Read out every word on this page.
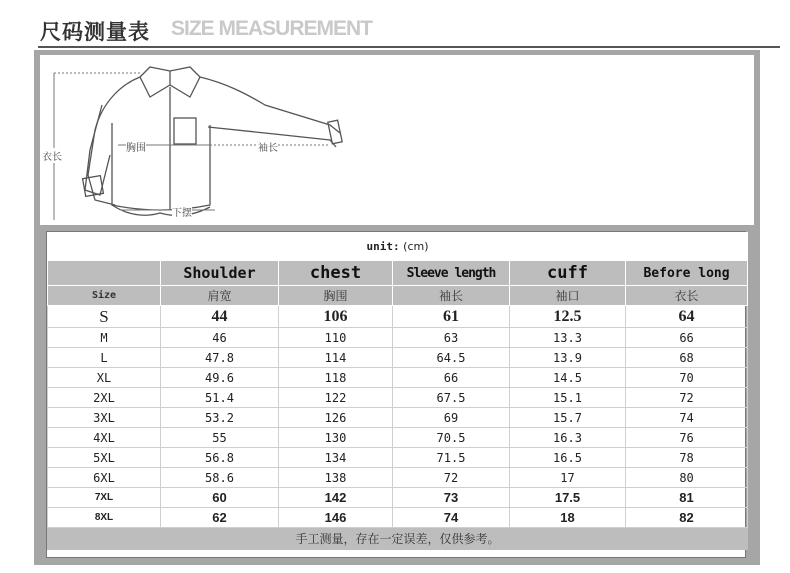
尺码测量表 SIZE MEASUREMENT
衣长
胸围	袖长
下摆
unit: (cm)					
	Shoulder	chest	Sleeve length	cuff	Before long
Size	肩宽	胸围	袖长	袖口	衣长
S	44	106	61	12.5	64
M	46	110	63	13.3	66
L	47.8	114	64.5	13.9	68
XL	49.6	118	66	14.5	70
2XL	51.4	122	67.5	15.1	72
3XL	53.2	126	69	15.7	74
4XL	55	130	70.5	16.3	76
5XL	56.8	134	71.5	16.5	78
6XL	58.6	138	72	17	80
7XL	60	142	73	17.5	81
8XL	62	146	74	18	82
手工测量，存在一定误差，仅供参考。					
